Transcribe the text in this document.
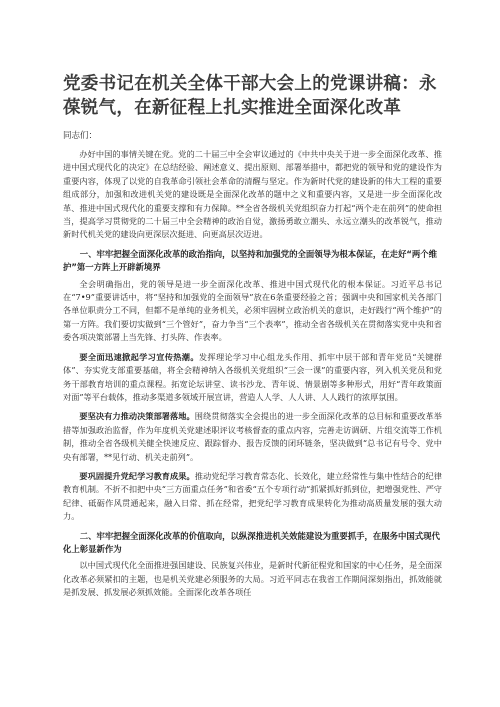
党委书记在机关全体干部大会上的党课讲稿：永葆锐气，在新征程上扎实推进全面深化改革

同志们：

办好中国的事情关键在党。党的二十届三中全会审议通过的《中共中央关于进一步全面深化改革、推进中国式现代化的决定》在总结经验、阐述意义、提出原则、部署举措中，都把党的领导和党的建设作为重要内容，体现了以党的自我革命引领社会革命的清醒与坚定。作为新时代党的建设新的伟大工程的重要组成部分，加强和改进机关党的建设既是全面深化改革的题中之义和重要内容，又是进一步全面深化改革、推进中国式现代化的重要支撑和有力保障。**全省各级机关党组织奋力打起“两个走在前列”的使命担当，提高学习贯彻党的二十届三中全会精神的政治自觉，激扬勇敢立潮头、永远立潮头的改革锐气，推动新时代机关党的建设向更深层次挺进、向更高层次迈进。

一、牢牢把握全面深化改革的政治指向，以坚持和加强党的全面领导为根本保证，在走好“两个维护”第一方阵上开辟新境界

全会明确指出，党的领导是进一步全面深化改革、推进中国式现代化的根本保证。习近平总书记在“7•9”重要讲话中，将“坚持和加强党的全面领导”放在6条重要经验之首；强调中央和国家机关各部门各单位职责分工不同，但都不是单纯的业务机关，必须牢固树立政治机关的意识，走好践行“两个维护”的第一方阵。我们要切实做到“三个管好”，奋力争当“三个表率”，推动全省各级机关在贯彻落实党中央和省委各项决策部署上当先锋、打头阵、作表率。

要全面迅速掀起学习宣传热潮。发挥理论学习中心组龙头作用、抓牢中层干部和青年党员“关键群体”、夯实党支部重要基础，将全会精神纳入各级机关党组织“三会一课”的重要内容，列入机关党员和党务干部教育培训的重点课程。拓宽论坛讲堂、读书沙龙、青年说、情景剧等多种形式，用好“青年政策面对面”等平台载体，推动多渠道多领域开展宣讲，营造人人学、人人讲、人人践行的浓厚氛围。

要坚决有力推动决策部署落地。围绕贯彻落实全会提出的进一步全面深化改革的总目标和重要改革举措等加强政治监督，作为年度机关党建述职评议考核督查的重点内容，完善走访调研、片组交流等工作机制，推动全省各级机关健全快速反应、跟踪督办、报告反馈的闭环链条，坚决做到“总书记有号令、党中央有部署，**见行动、机关走前列”。

要巩固提升党纪学习教育成果。推动党纪学习教育常态化、长效化，建立经常性与集中性结合的纪律教育机制。不折不扣把中央“三方面重点任务”和省委“五个专项行动”抓紧抓好抓到位，把增强党性、严守纪律、砥砺作风贯通起来，融入日常、抓在经常，把党纪学习教育成果转化为推动高质量发展的强大动力。

二、牢牢把握全面深化改革的价值取向，以纵深推进机关效能建设为重要抓手，在服务中国式现代化上彰显新作为

以中国式现代化全面推进强国建设、民族复兴伟业，是新时代新征程党和国家的中心任务，是全面深化改革必须紧扣的主题，也是机关党建必须服务的大局。习近平同志在我省工作期间深刻指出，抓效能就是抓发展、抓发展必须抓效能。全面深化改革各项任
